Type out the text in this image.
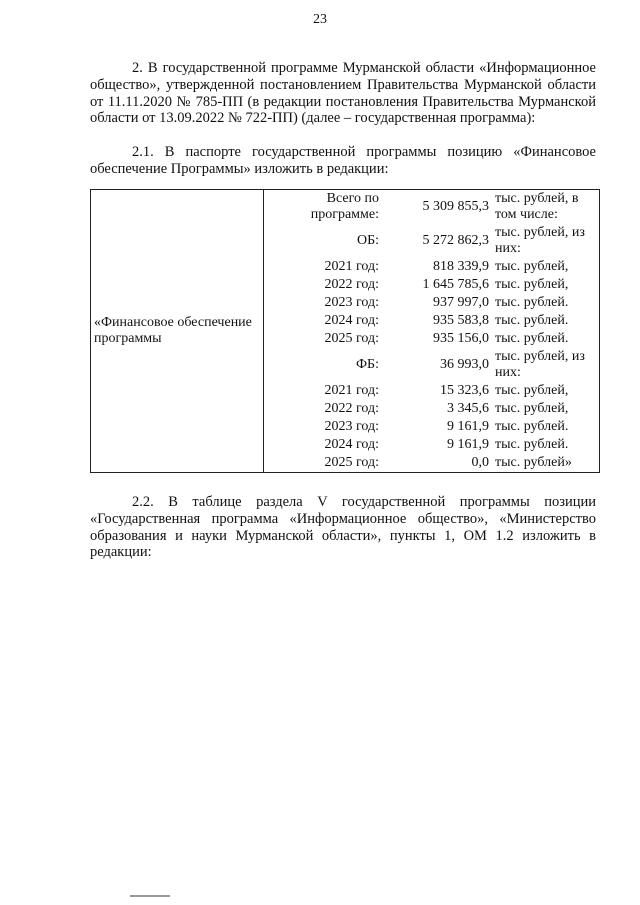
23
2. В государственной программе Мурманской области «Информационное общество», утвержденной постановлением Правительства Мурманской области от 11.11.2020 № 785-ПП (в редакции постановления Правительства Мурманской области от 13.09.2022 № 722-ПП) (далее – государственная программа):
2.1. В паспорте государственной программы позицию «Финансовое обеспечение Программы» изложить в редакции:
«Финансовое обеспечение программы	Всего по программе:	5 309 855,3	тыс. рублей, в том числе:
	ОБ:	5 272 862,3	тыс. рублей, из них:
	2021 год:	818 339,9	тыс. рублей,
	2022 год:	1 645 785,6	тыс. рублей,
	2023 год:	937 997,0	тыс. рублей.
	2024 год:	935 583,8	тыс. рублей.
	2025 год:	935 156,0	тыс. рублей.
	ФБ:	36 993,0	тыс. рублей, из них:
	2021 год:	15 323,6	тыс. рублей,
	2022 год:	3 345,6	тыс. рублей,
	2023 год:	9 161,9	тыс. рублей.
	2024 год:	9 161,9	тыс. рублей.
	2025 год:	0,0	тыс. рублей»
2.2. В таблице раздела V государственной программы позиции «Государственная программа «Информационное общество», «Министерство образования и науки Мурманской области», пункты 1, ОМ 1.2 изложить в редакции:
